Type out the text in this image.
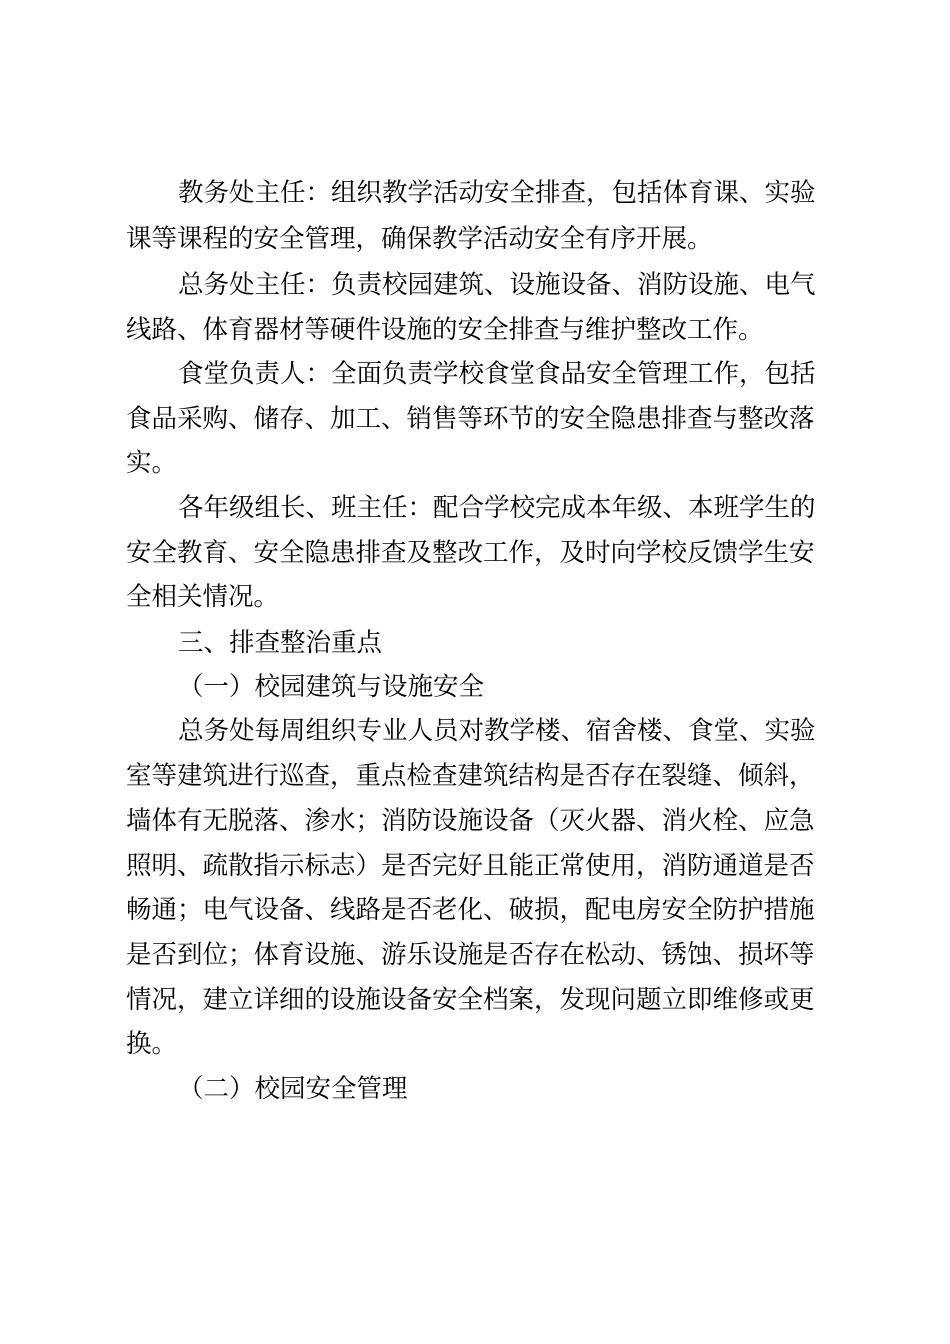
教务处主任：组织教学活动安全排查，包括体育课、实验

课等课程的安全管理，确保教学活动安全有序开展。

总务处主任：负责校园建筑、设施设备、消防设施、电气

线路、体育器材等硬件设施的安全排查与维护整改工作。

食堂负责人：全面负责学校食堂食品安全管理工作，包括

食品采购、储存、加工、销售等环节的安全隐患排查与整改落

实。

各年级组长、班主任：配合学校完成本年级、本班学生的

安全教育、安全隐患排查及整改工作，及时向学校反馈学生安

全相关情况。

三、排查整治重点

（一）校园建筑与设施安全

总务处每周组织专业人员对教学楼、宿舍楼、食堂、实验

室等建筑进行巡查，重点检查建筑结构是否存在裂缝、倾斜，

墙体有无脱落、渗水；消防设施设备（灭火器、消火栓、应急

照明、疏散指示标志）是否完好且能正常使用，消防通道是否

畅通；电气设备、线路是否老化、破损，配电房安全防护措施

是否到位；体育设施、游乐设施是否存在松动、锈蚀、损坏等

情况，建立详细的设施设备安全档案，发现问题立即维修或更

换。

（二）校园安全管理
